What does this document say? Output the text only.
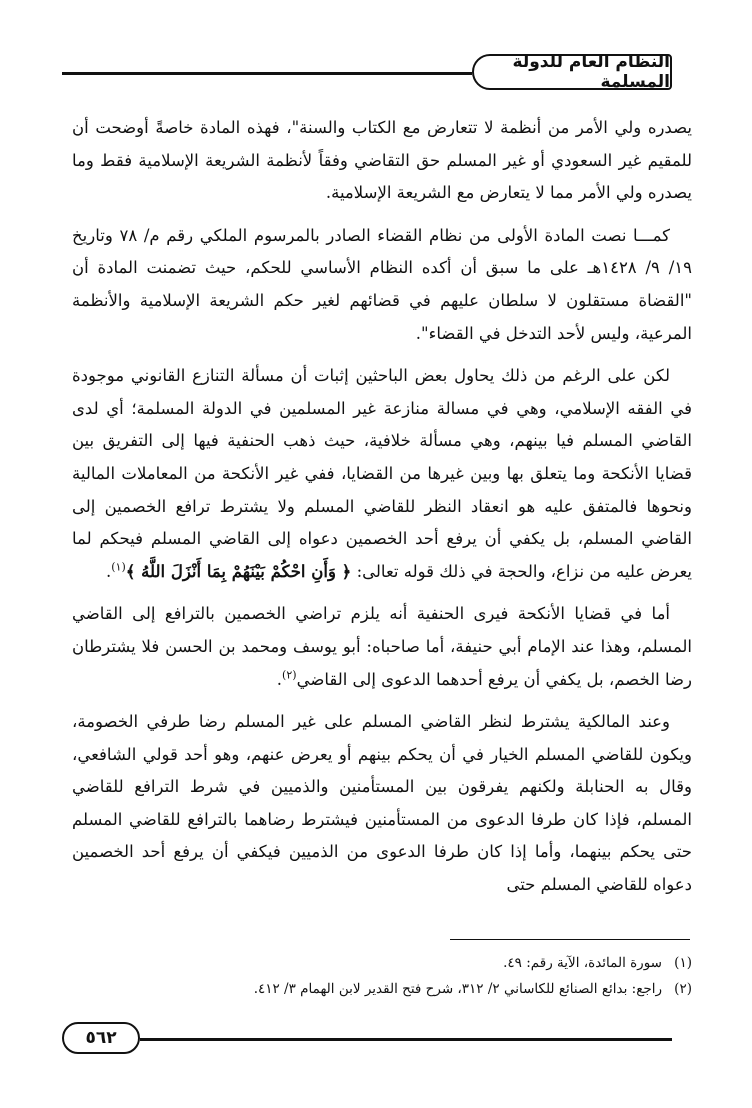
النظام العام للدولة المسلمة

يصدره ولي الأمر من أنظمة لا تتعارض مع الكتاب والسنة"، فهذه المادة خاصةً أوضحت أن للمقيم غير السعودي أو غير المسلم حق التقاضي وفقاً لأنظمة الشريعة الإسلامية فقط وما يصدره ولي الأمر مما لا يتعارض مع الشريعة الإسلامية.

كمـــا نصت المادة الأولى من نظام القضاء الصادر بالمرسوم الملكي رقم م/ ٧٨ وتاريخ ١٩/ ٩/ ١٤٢٨هـ على ما سبق أن أكده النظام الأساسي للحكم، حيث تضمنت المادة أن "القضاة مستقلون لا سلطان عليهم في قضائهم لغير حكم الشريعة الإسلامية والأنظمة المرعية، وليس لأحد التدخل في القضاء".

لكن على الرغم من ذلك يحاول بعض الباحثين إثبات أن مسألة التنازع القانوني موجودة في الفقه الإسلامي، وهي في مسالة منازعة غير المسلمين في الدولة المسلمة؛ أي لدى القاضي المسلم فيا بينهم، وهي مسألة خلافية، حيث ذهب الحنفية فيها إلى التفريق بين قضايا الأنكحة وما يتعلق بها وبين غيرها من القضايا، ففي غير الأنكحة من المعاملات المالية ونحوها فالمتفق عليه هو انعقاد النظر للقاضي المسلم ولا يشترط ترافع الخصمين إلى القاضي المسلم، بل يكفي أن يرفع أحد الخصمين دعواه إلى القاضي المسلم فيحكم لما يعرض عليه من نزاع، والحجة في ذلك قوله تعالى: ﴿ وَأَنِ احْكُمْ بَيْنَهُمْ بِمَا أَنْزَلَ اللَّهُ ﴾$^{(١)}$.

أما في قضايا الأنكحة فيرى الحنفية أنه يلزم تراضي الخصمين بالترافع إلى القاضي المسلم، وهذا عند الإمام أبي حنيفة، أما صاحباه: أبو يوسف ومحمد بن الحسن فلا يشترطان رضا الخصم، بل يكفي أن يرفع أحدهما الدعوى إلى القاضي$^{(٢)}$.

وعند المالكية يشترط لنظر القاضي المسلم على غير المسلم رضا طرفي الخصومة، ويكون للقاضي المسلم الخيار في أن يحكم بينهم أو يعرض عنهم، وهو أحد قولي الشافعي، وقال به الحنابلة ولكنهم يفرقون بين المستأمنين والذميين في شرط الترافع للقاضي المسلم، فإذا كان طرفا الدعوى من المستأمنين فيشترط رضاهما بالترافع للقاضي المسلم حتى يحكم بينهما، وأما إذا كان طرفا الدعوى من الذميين فيكفي أن يرفع أحد الخصمين دعواه للقاضي المسلم حتى

(١)سورة المائدة، الآية رقم: ٤٩.

(٢)راجع: بدائع الصنائع للكاساني ٢/ ٣١٢، شرح فتح القدير لابن الهمام ٣/ ٤١٢.

٥٦٢
